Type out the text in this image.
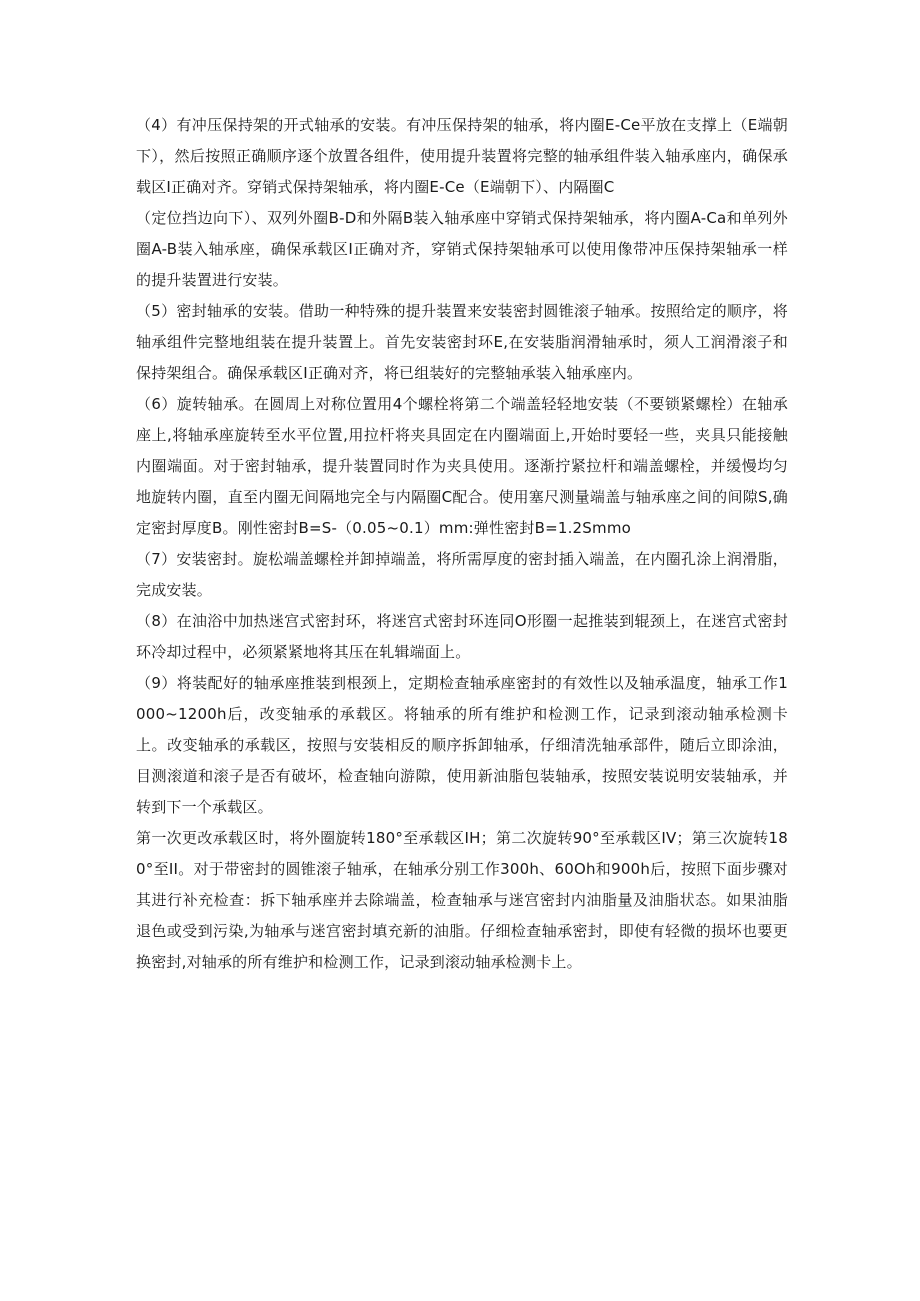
（4）有冲压保持架的开式轴承的安装。有冲压保持架的轴承，将内圈E-Ce平放在支撑上（E端朝下），然后按照正确顺序逐个放置各组件，使用提升装置将完整的轴承组件装入轴承座内，确保承载区I正确对齐。穿销式保持架轴承，将内圈E-Ce（E端朝下）、内隔圈C

（定位挡边向下）、双列外圈B-D和外隔B装入轴承座中穿销式保持架轴承，将内圈A-Ca和单列外圈A-B装入轴承座，确保承载区I正确对齐，穿销式保持架轴承可以使用像带冲压保持架轴承一样的提升装置进行安装。

（5）密封轴承的安装。借助一种特殊的提升装置来安装密封圆锥滚子轴承。按照给定的顺序，将轴承组件完整地组装在提升装置上。首先安装密封环E,在安装脂润滑轴承时，须人工润滑滚子和保持架组合。确保承载区I正确对齐，将已组装好的完整轴承装入轴承座内。

（6）旋转轴承。在圆周上对称位置用4个螺栓将第二个端盖轻轻地安装（不要锁紧螺栓）在轴承座上,将轴承座旋转至水平位置,用拉杆将夹具固定在内圈端面上,开始时要轻一些，夹具只能接触内圈端面。对于密封轴承，提升装置同时作为夹具使用。逐渐拧紧拉杆和端盖螺栓，并缓慢均匀地旋转内圈，直至内圈无间隔地完全与内隔圈C配合。使用塞尺测量端盖与轴承座之间的间隙S,确定密封厚度B。刚性密封B=S-（0.05~0.1）mm:弹性密封B=1.2Smmo

（7）安装密封。旋松端盖螺栓并卸掉端盖，将所需厚度的密封插入端盖，在内圈孔涂上润滑脂，完成安装。

（8）在油浴中加热迷宫式密封环，将迷宫式密封环连同O形圈一起推装到辊颈上，在迷宫式密封环冷却过程中，必须紧紧地将其压在轧辑端面上。

（9）将装配好的轴承座推装到根颈上，定期检查轴承座密封的有效性以及轴承温度，轴承工作1000~1200h后，改变轴承的承载区。将轴承的所有维护和检测工作，记录到滚动轴承检测卡上。改变轴承的承载区，按照与安装相反的顺序拆卸轴承，仔细清洗轴承部件，随后立即涂油，目测滚道和滚子是否有破坏，检查轴向游隙，使用新油脂包装轴承，按照安装说明安装轴承，并转到下一个承载区。

第一次更改承载区时，将外圈旋转180°至承载区IH；第二次旋转90°至承载区IV；第三次旋转180°至II。对于带密封的圆锥滚子轴承，在轴承分别工作300h、60Oh和900h后，按照下面步骤对其进行补充检查：拆下轴承座并去除端盖，检查轴承与迷宫密封内油脂量及油脂状态。如果油脂退色或受到污染,为轴承与迷宫密封填充新的油脂。仔细检查轴承密封，即使有轻微的损坏也要更换密封,对轴承的所有维护和检测工作，记录到滚动轴承检测卡上。
